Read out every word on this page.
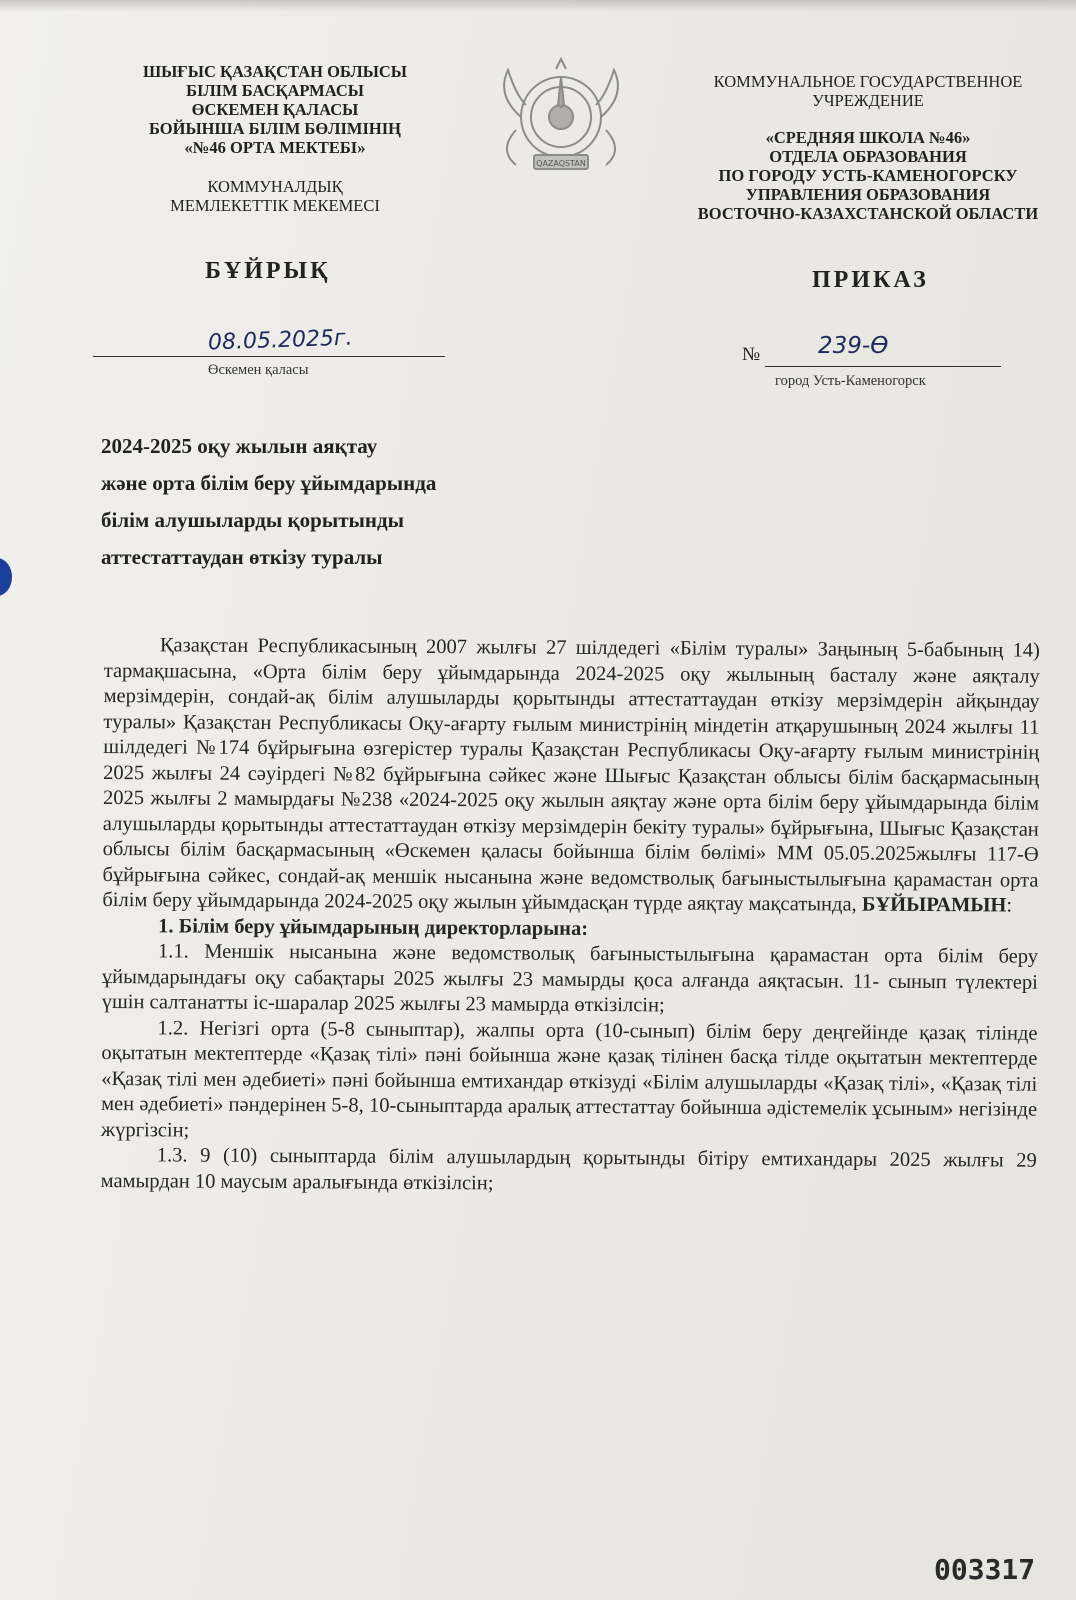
ШЫҒЫС ҚАЗАҚСТАН ОБЛЫСЫ
БІЛІМ БАСҚАРМАСЫ
ӨСКЕМЕН ҚАЛАСЫ
БОЙЫНША БІЛІМ БӨЛІМІНІҢ
«№46 ОРТА МЕКТЕБІ»
КОММУНАЛДЫҚ
МЕМЛЕКЕТТІК МЕКЕМЕСІ
QAZAQSTAN
КОММУНАЛЬНОЕ ГОСУДАРСТВЕННОЕ
УЧРЕЖДЕНИЕ
«СРЕДНЯЯ ШКОЛА №46»
ОТДЕЛА ОБРАЗОВАНИЯ
ПО ГОРОДУ УСТЬ-КАМЕНОГОРСКУ
УПРАВЛЕНИЯ ОБРАЗОВАНИЯ
ВОСТОЧНО-КАЗАХСТАНСКОЙ ОБЛАСТИ
БҰЙРЫҚ	ПРИКАЗ
08.05.2025г.
Өскемен қаласы
№	239-Ө
город Усть-Каменогорск
2024-2025 оқу жылын аяқтау
және орта білім беру ұйымдарында
білім алушыларды қорытынды
аттестаттаудан өткізу туралы

Қазақстан Республикасының 2007 жылғы 27 шілдедегі «Білім туралы» Заңының 5-бабының 14) тармақшасына, «Орта білім беру ұйымдарында 2024-2025 оқу жылының басталу және аяқталу мерзімдерін, сондай-ақ білім алушыларды қорытынды аттестаттаудан өткізу мерзімдерін айқындау туралы» Қазақстан Республикасы Оқу-ағарту ғылым министрінің міндетін атқарушының 2024 жылғы 11 шілдедегі №174 бұйрығына өзгерістер туралы Қазақстан Республикасы Оқу-ағарту ғылым министрінің 2025 жылғы 24 сәуірдегі №82 бұйрығына сәйкес және Шығыс Қазақстан облысы білім басқармасының 2025 жылғы 2 мамырдағы №238 «2024-2025 оқу жылын аяқтау және орта білім беру ұйымдарында білім алушыларды қорытынды аттестаттаудан өткізу мерзімдерін бекіту туралы» бұйрығына, Шығыс Қазақстан облысы білім басқармасының «Өскемен қаласы бойынша білім бөлімі» ММ 05.05.2025жылғы 117-Ө бұйрығына сәйкес, сондай-ақ меншік нысанына және ведомстволық бағыныстылығына қарамастан орта білім беру ұйымдарында 2024-2025 оқу жылын ұйымдасқан түрде аяқтау мақсатында, БҰЙЫРАМЫН:

1. Білім беру ұйымдарының директорларына:

1.1. Меншік нысанына және ведомстволық бағыныстылығына қарамастан орта білім беру ұйымдарындағы оқу сабақтары 2025 жылғы 23 мамырды қоса алғанда аяқтасын. 11- сынып түлектері үшін салтанатты іс-шаралар 2025 жылғы 23 мамырда өткізілсін;

1.2. Негізгі орта (5-8 сыныптар), жалпы орта (10-сынып) білім беру деңгейінде қазақ тілінде оқытатын мектептерде «Қазақ тілі» пәні бойынша және қазақ тілінен басқа тілде оқытатын мектептерде «Қазақ тілі мен әдебиеті» пәні бойынша емтихандар өткізуді «Білім алушыларды «Қазақ тілі», «Қазақ тілі мен әдебиеті» пәндерінен 5-8, 10-сыныптарда аралық аттестаттау бойынша әдістемелік ұсыным» негізінде жүргізсін;

1.3. 9 (10) сыныптарда білім алушылардың қорытынды бітіру емтихандары 2025 жылғы 29 мамырдан 10 маусым аралығында өткізілсін;

003317
